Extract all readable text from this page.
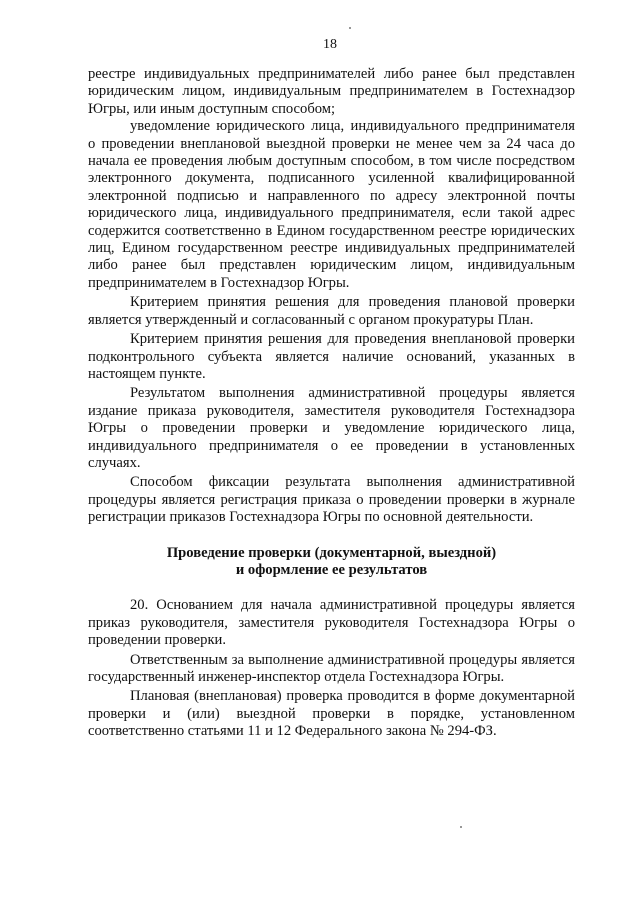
18

реестре индивидуальных предпринимателей либо ранее был представлен юридическим лицом, индивидуальным предпринимателем в Гостехнадзор Югры, или иным доступным способом;

уведомление юридического лица, индивидуального предпринимателя о проведении внеплановой выездной проверки не менее чем за 24 часа до начала ее проведения любым доступным способом, в том числе посредством электронного документа, подписанного усиленной квалифицированной электронной подписью и направленного по адресу электронной почты юридического лица, индивидуального предпринимателя, если такой адрес содержится соответственно в Едином государственном реестре юридических лиц, Едином государственном реестре индивидуальных предпринимателей либо ранее был представлен юридическим лицом, индивидуальным предпринимателем в Гостехнадзор Югры.

Критерием принятия решения для проведения плановой проверки является утвержденный и согласованный с органом прокуратуры План.

Критерием принятия решения для проведения внеплановой проверки подконтрольного субъекта является наличие оснований, указанных в настоящем пункте.

Результатом выполнения административной процедуры является издание приказа руководителя, заместителя руководителя Гостехнадзора Югры о проведении проверки и уведомление юридического лица, индивидуального предпринимателя о ее проведении в установленных случаях.

Способом фиксации результата выполнения административной процедуры является регистрация приказа о проведении проверки в журнале регистрации приказов Гостехнадзора Югры по основной деятельности.

Проведение проверки (документарной, выездной)
и оформление ее результатов

20. Основанием для начала административной процедуры является приказ руководителя, заместителя руководителя Гостехнадзора Югры о проведении проверки.

Ответственным за выполнение административной процедуры является государственный инженер-инспектор отдела Гостехнадзора Югры.

Плановая (внеплановая) проверка проводится в форме документарной проверки и (или) выездной проверки в порядке, установленном соответственно статьями 11 и 12 Федерального закона № 294-ФЗ.
